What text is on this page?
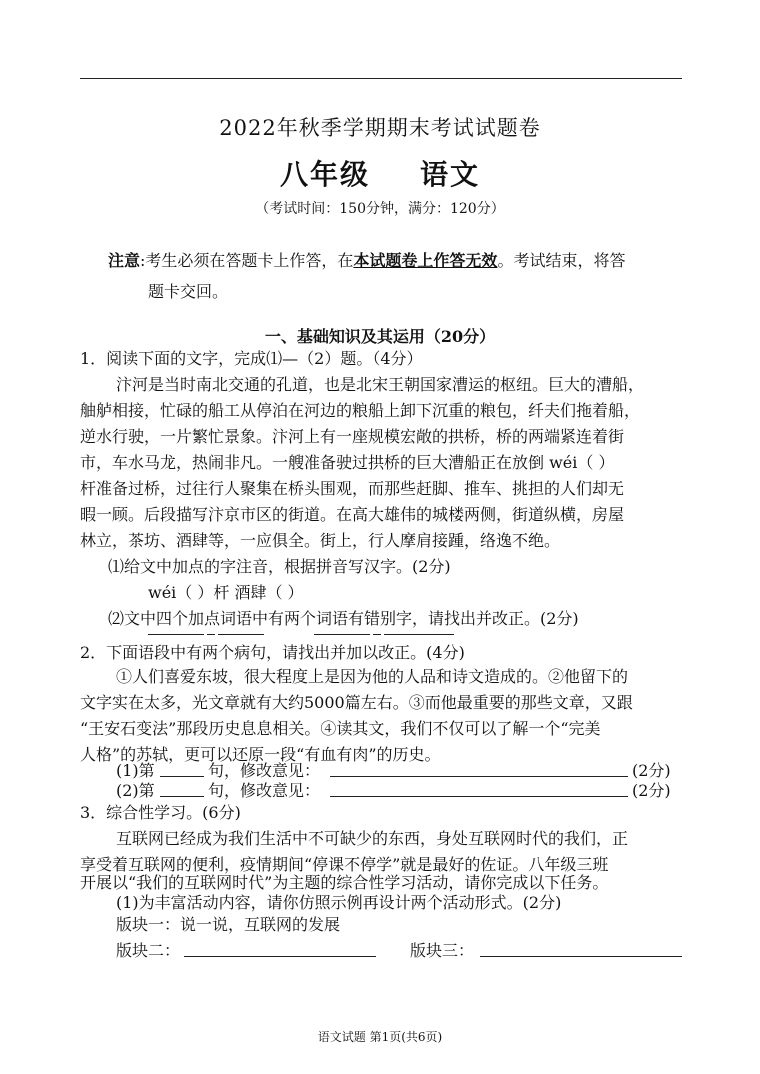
2022年秋季学期期末考试试题卷
八年级 语文
（考试时间：150分钟，满分：120分）
注意:考生必须在答题卡上作答，在本试题卷上作答无效。考试结束，将答
题卡交回。
一、基础知识及其运用（20分）
1．阅读下面的文字，完成⑴—（2）题。（4分）
汴河是当时南北交通的孔道，也是北宋王朝国家漕运的枢纽。巨大的漕船，
舳舻相接，忙碌的船工从停泊在河边的粮船上卸下沉重的粮包，纤夫们拖着船，
逆水行驶，一片繁忙景象。汴河上有一座规模宏敞的拱桥，桥的两端紧连着街
市，车水马龙，热闹非凡。一艘准备驶过拱桥的巨大漕船正在放倒 wéi（ ）
杆准备过桥，过往行人聚集在桥头围观，而那些赶脚、推车、挑担的人们却无
暇一顾。后段描写汴京市区的街道。在高大雄伟的城楼两侧，街道纵横，房屋
林立，茶坊、酒肆等，一应俱全。街上，行人摩肩接踵，络逸不绝。
⑴给文中加点的字注音，根据拼音写汉字。(2分)
wéi（ ）杆 酒肆（ ）
⑵文中四个加点词语中有两个词语有错别字，请找出并改正。(2分)
2．下面语段中有两个病句，请找出并加以改正。(4分)
①人们喜爱东坡，很大程度上是因为他的人品和诗文造成的。②他留下的
文字实在太多，光文章就有大约5000篇左右。③而他最重要的那些文章，又跟
“王安石变法”那段历史息息相关。④读其文，我们不仅可以了解一个“完美
人格”的苏轼，更可以还原一段“有血有肉”的历史。
(1)第	句，修改意见：	(2分)
(2)第	句，修改意见：	(2分)
3．综合性学习。(6分)
互联网已经成为我们生活中不可缺少的东西，身处互联网时代的我们，正
享受着互联网的便利，疫情期间“停课不停学”就是最好的佐证。八年级三班
开展以“我们的互联网时代”为主题的综合性学习活动，请你完成以下任务。
(1)为丰富活动内容，请你仿照示例再设计两个活动形式。(2分)
版块一：说一说，互联网的发展
版块二：	版块三：
语文试题 第1页(共6页)
